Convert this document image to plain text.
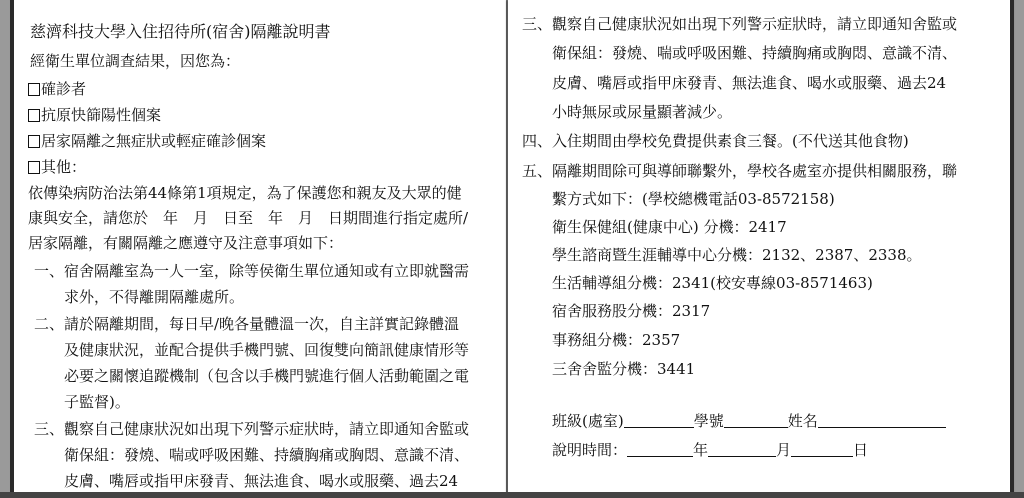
慈濟科技大學入住招待所(宿舍)隔離說明書
經衛生單位調查結果，因您為：
確診者
抗原快篩陽性個案
居家隔離之無症狀或輕症確診個案
其他：
依傳染病防治法第44條第1項規定，為了保護您和親友及大眾的健
康與安全，請您於　年　月　日至　年　月　日期間進行指定處所/
居家隔離，有關隔離之應遵守及注意事項如下：
一、 宿舍隔離室為一人一室，除等侯衛生單位通知或有立即就醫需
求外，不得離開隔離處所。
二、 請於隔離期間，每日早/晚各量體溫一次，自主詳實記錄體溫
及健康狀況，並配合提供手機門號、回復雙向簡訊健康情形等
必要之關懷追蹤機制（包含以手機門號進行個人活動範圍之電
子監督)。
三、 觀察自己健康狀況如出現下列警示症狀時，請立即通知舍監或
衛保組：發燒、喘或呼吸困難、持續胸痛或胸悶、意識不清、
皮膚、嘴唇或指甲床發青、無法進食、喝水或服藥、過去24
三、 觀察自己健康狀況如出現下列警示症狀時，請立即通知舍監或
衛保組：發燒、喘或呼吸困難、持續胸痛或胸悶、意識不清、
皮膚、嘴唇或指甲床發青、無法進食、喝水或服藥、過去24
小時無尿或尿量顯著減少。
四、 入住期間由學校免費提供素食三餐。(不代送其他食物)
五、 隔離期間除可與導師聯繫外，學校各處室亦提供相關服務，聯
繫方式如下：(學校總機電話03-8572158)
衛生保健組(健康中心) 分機：2417
學生諮商暨生涯輔導中心分機：2132、2387、2338。
生活輔導組分機：2341(校安專線03-8571463)
宿舍服務股分機：2317
事務組分機：2357
三舍舍監分機：3441
班級(處室)	學號	姓名
說明時間：	年	月	日
